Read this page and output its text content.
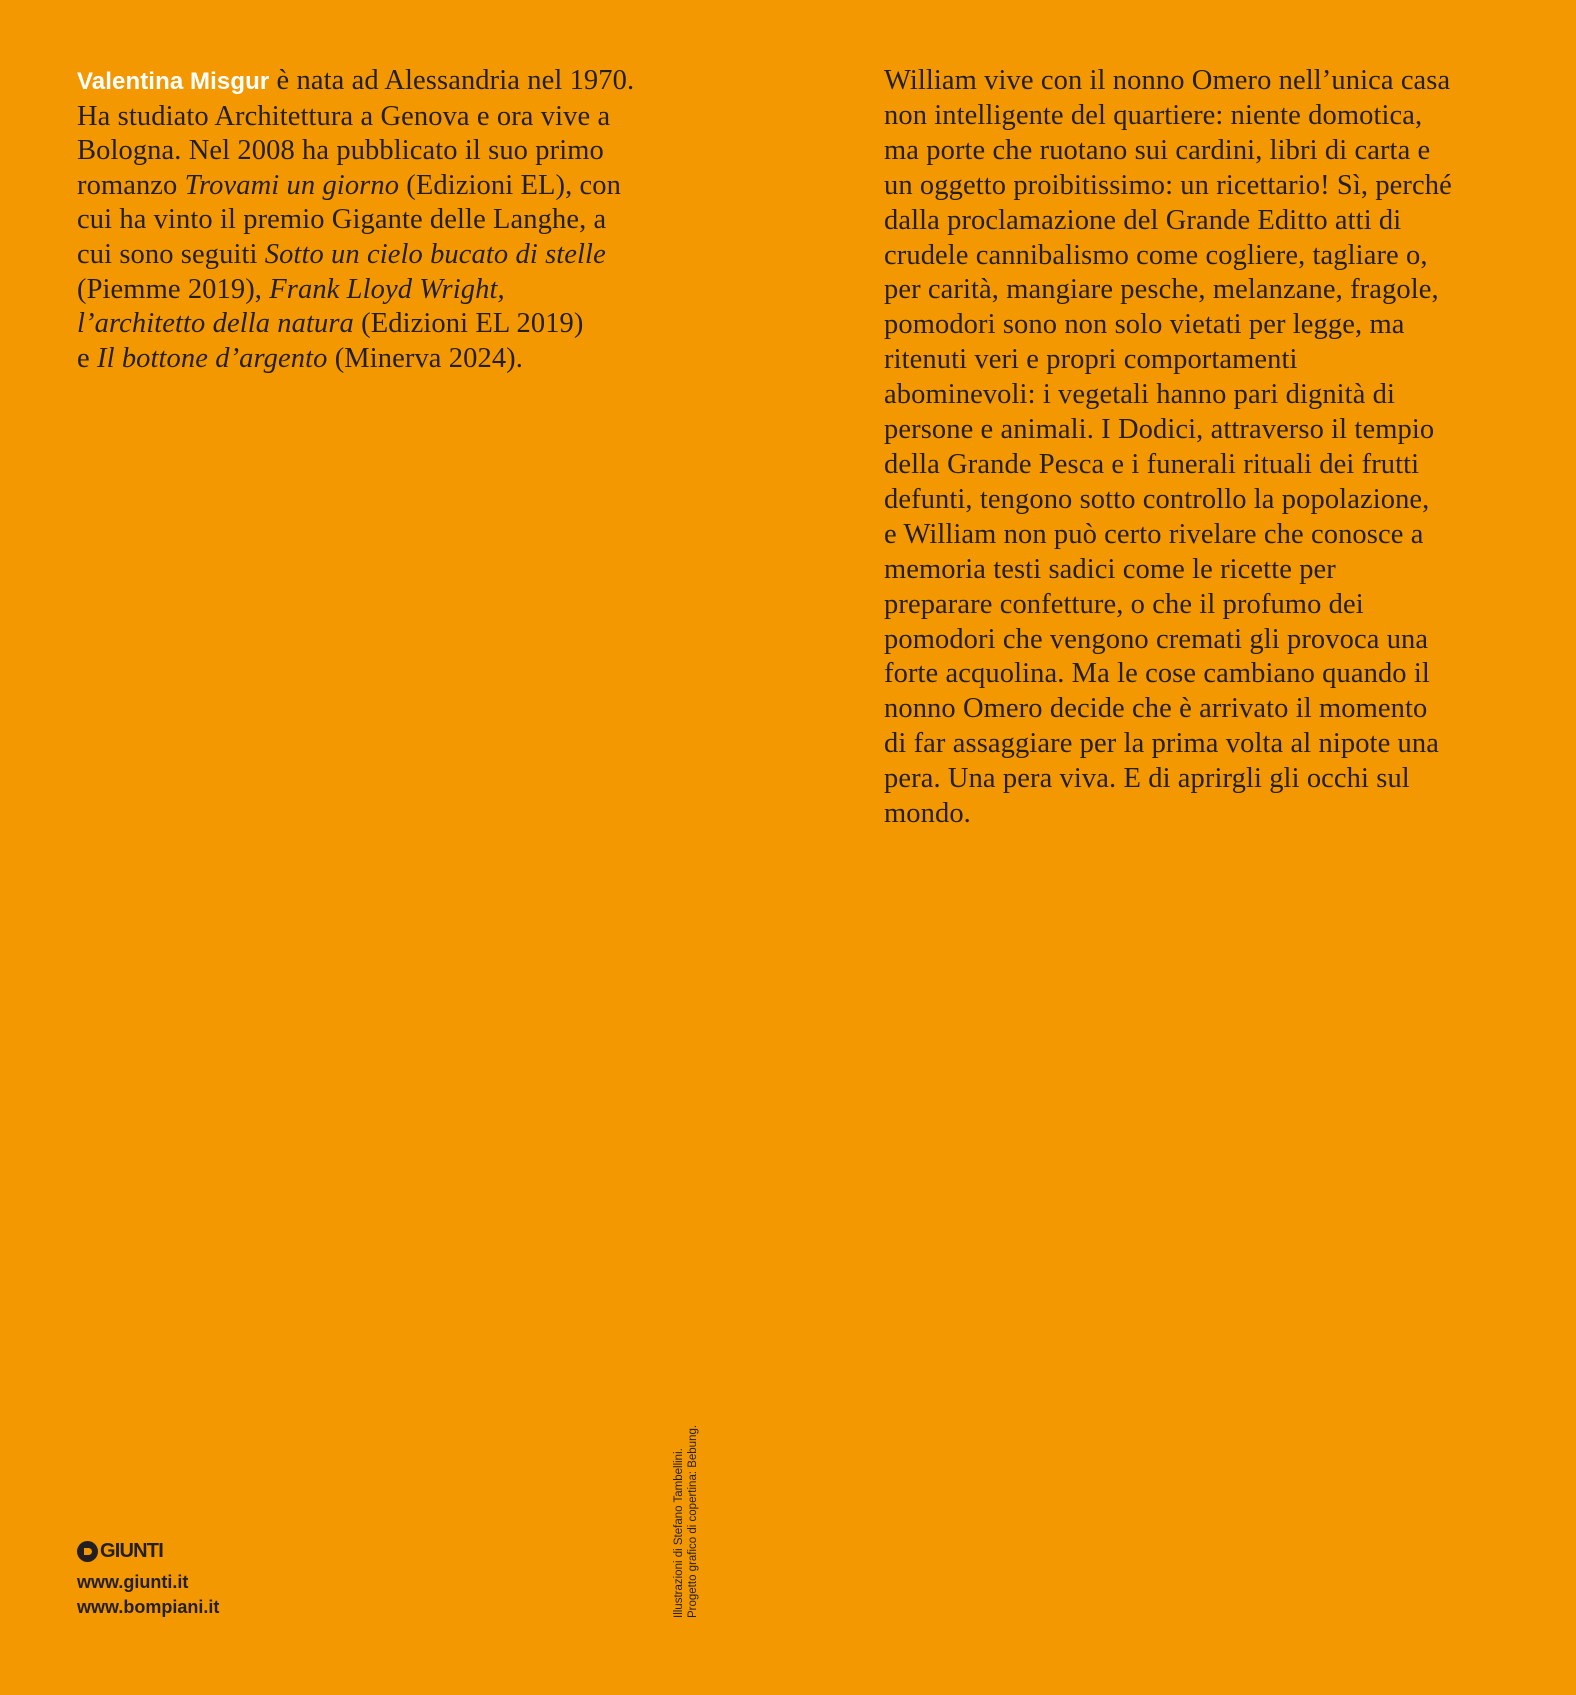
Valentina Misgur è nata ad Alessandria nel 1970.
Ha studiato Architettura a Genova e ora vive a
Bologna. Nel 2008 ha pubblicato il suo primo
romanzo Trovami un giorno (Edizioni EL), con
cui ha vinto il premio Gigante delle Langhe, a
cui sono seguiti Sotto un cielo bucato di stelle
(Piemme 2019), Frank Lloyd Wright,
l’architetto della natura (Edizioni EL 2019)
e Il bottone d’argento (Minerva 2024).
William vive con il nonno Omero nell’unica casa
non intelligente del quartiere: niente domotica,
ma porte che ruotano sui cardini, libri di carta e
un oggetto proibitissimo: un ricettario! Sì, perché
dalla proclamazione del Grande Editto atti di
crudele cannibalismo come cogliere, tagliare o,
per carità, mangiare pesche, melanzane, fragole,
pomodori sono non solo vietati per legge, ma
ritenuti veri e propri comportamenti
abominevoli: i vegetali hanno pari dignità di
persone e animali. I Dodici, attraverso il tempio
della Grande Pesca e i funerali rituali dei frutti
defunti, tengono sotto controllo la popolazione,
e William non può certo rivelare che conosce a
memoria testi sadici come le ricette per
preparare confetture, o che il profumo dei
pomodori che vengono cremati gli provoca una
forte acquolina. Ma le cose cambiano quando il
nonno Omero decide che è arrivato il momento
di far assaggiare per la prima volta al nipote una
pera. Una pera viva. E di aprirgli gli occhi sul
mondo.
GIUNTI
www.giunti.it
www.bompiani.it	Illustrazioni di Stefano Tambellini. Progetto grafico di copertina: Bebung.
